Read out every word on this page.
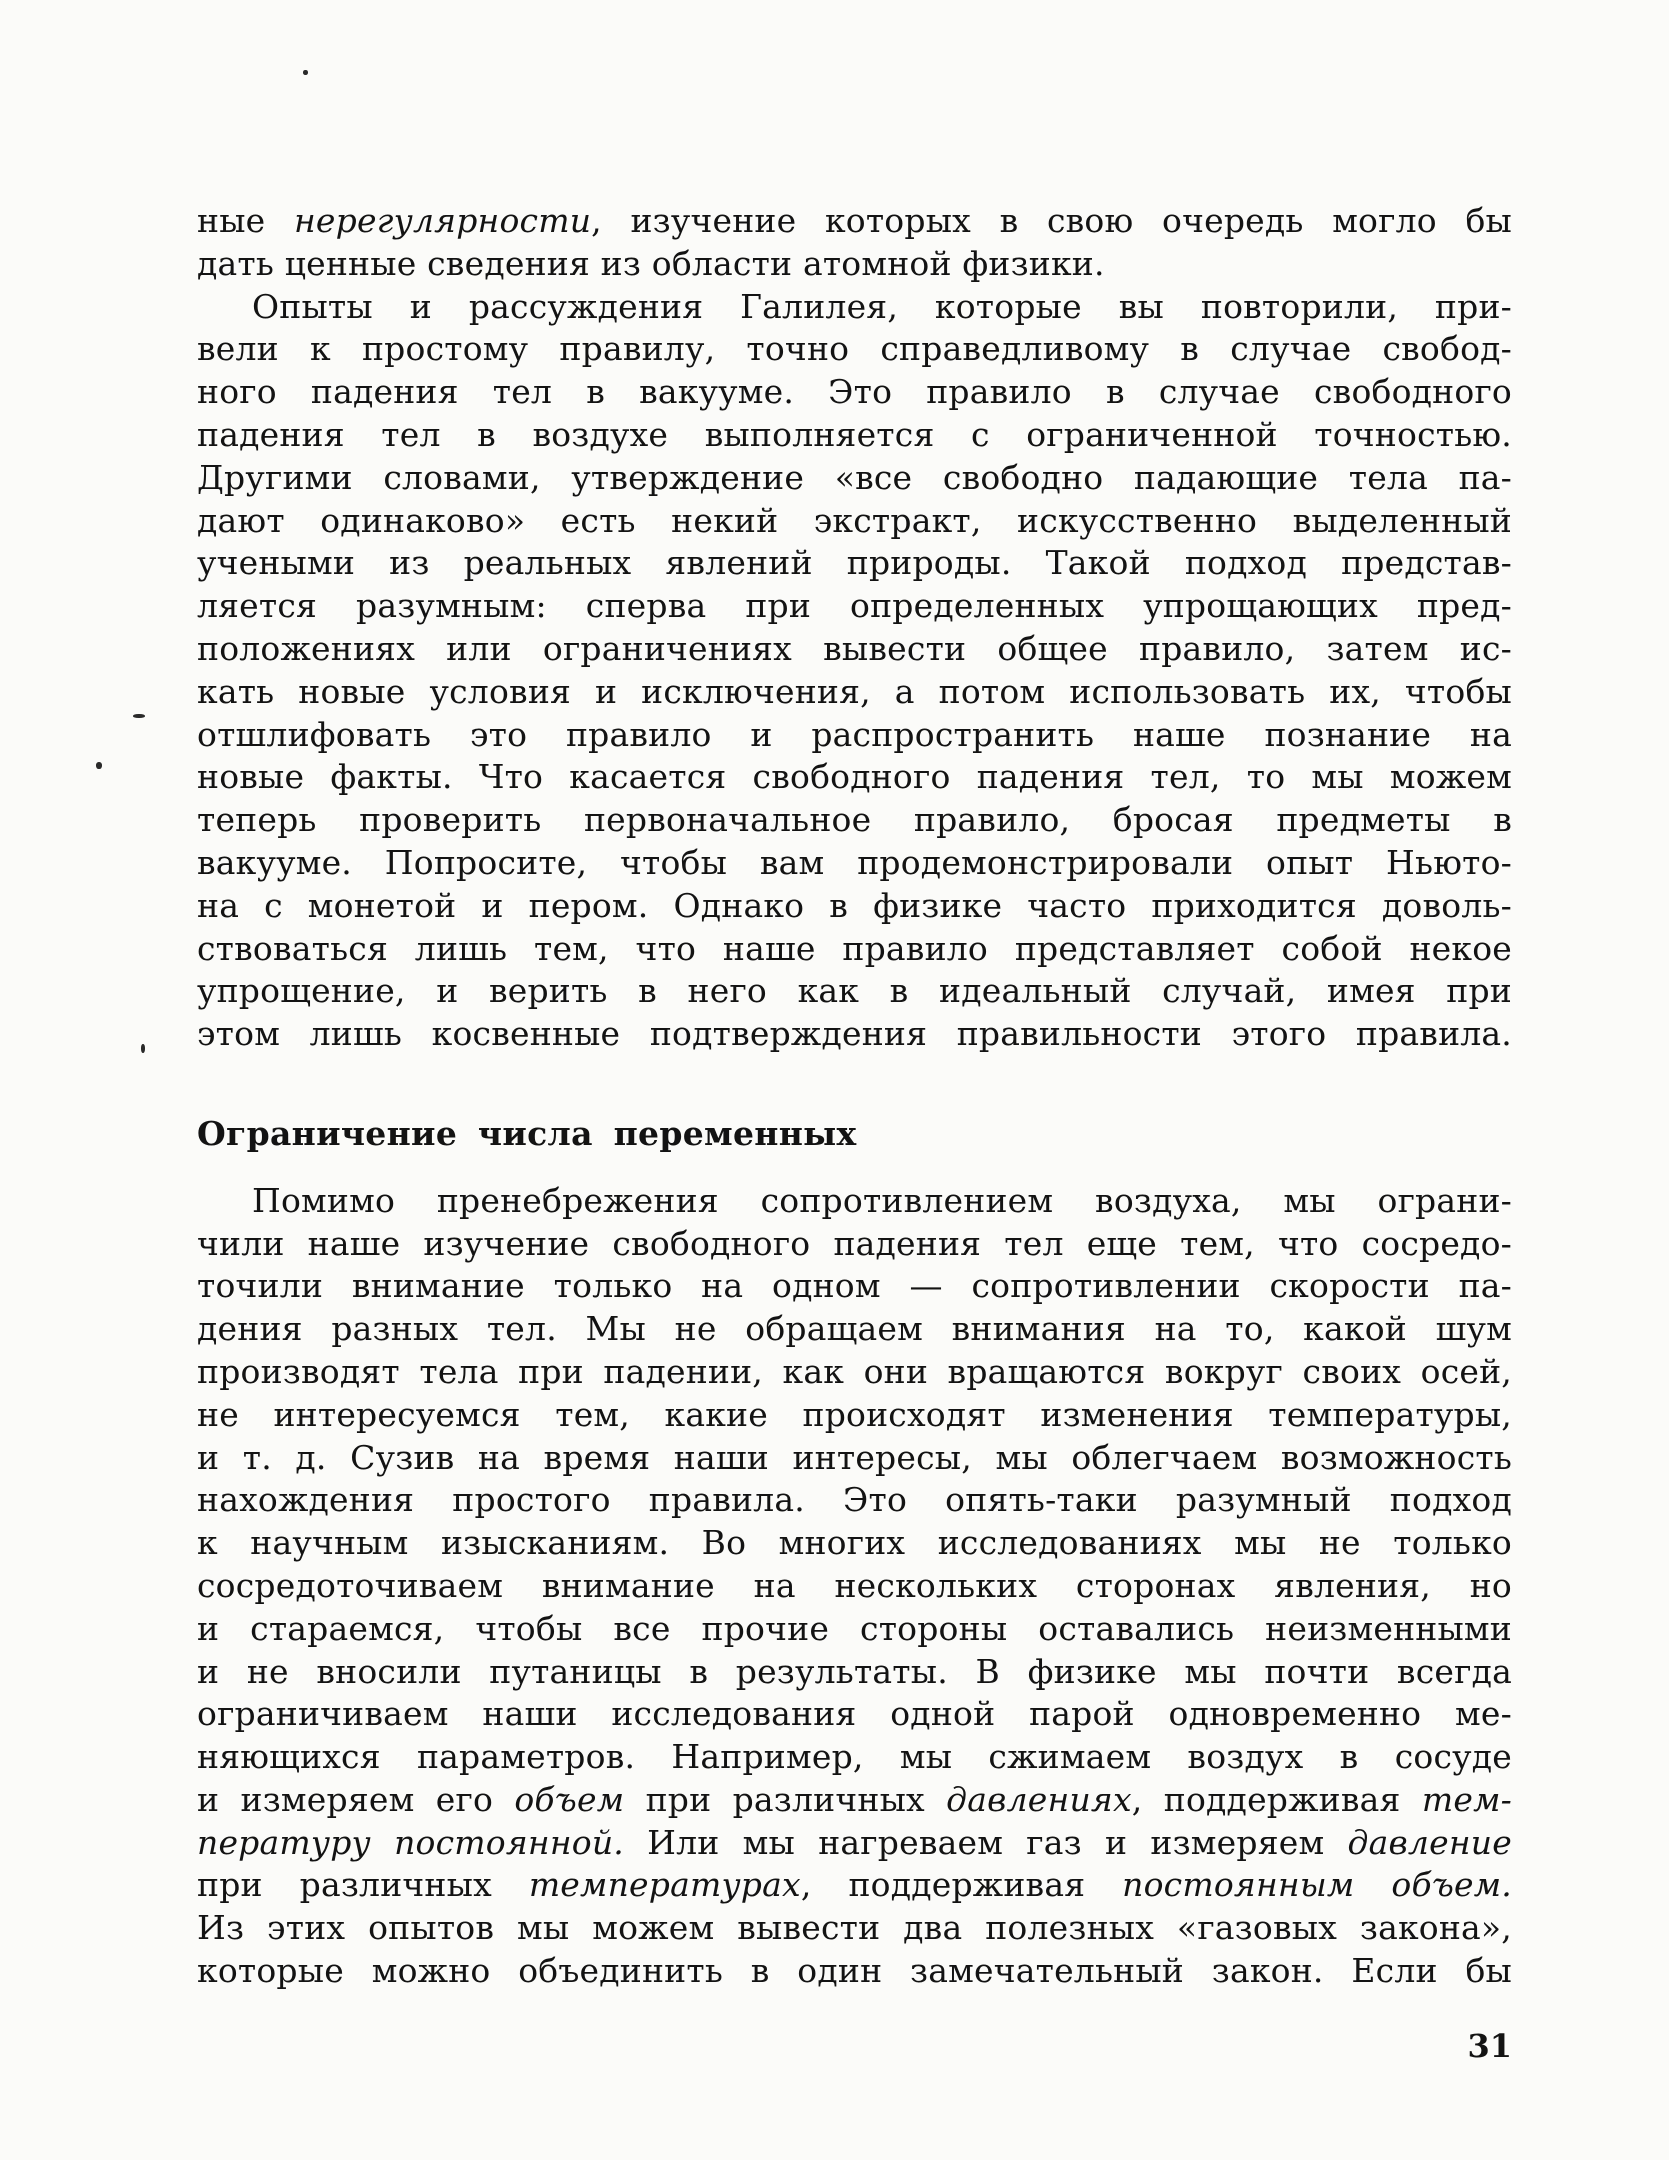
ные нерегулярности, изучение которых в свою очередь могло бы
дать ценные сведения из области атомной физики.
Опыты и рассуждения Галилея, которые вы повторили, при-
вели к простому правилу, точно справедливому в случае свобод-
ного падения тел в вакууме. Это правило в случае свободного
падения тел в воздухе выполняется с ограниченной точностью.
Другими словами, утверждение «все свободно падающие тела па-
дают одинаково» есть некий экстракт, искусственно выделенный
учеными из реальных явлений природы. Такой подход представ-
ляется разумным: сперва при определенных упрощающих пред-
положениях или ограничениях вывести общее правило, затем ис-
кать новые условия и исключения, а потом использовать их, чтобы
отшлифовать это правило и распространить наше познание на
новые факты. Что касается свободного падения тел, то мы можем
теперь проверить первоначальное правило, бросая предметы в
вакууме. Попросите, чтобы вам продемонстрировали опыт Ньюто-
на с монетой и пером. Однако в физике часто приходится доволь-
ствоваться лишь тем, что наше правило представляет собой некое
упрощение, и верить в него как в идеальный случай, имея при
этом лишь косвенные подтверждения правильности этого правила.
Ограничение числа переменных
Помимо пренебрежения сопротивлением воздуха, мы ограни-
чили наше изучение свободного падения тел еще тем, что сосредо-
точили внимание только на одном — сопротивлении скорости па-
дения разных тел. Мы не обращаем внимания на то, какой шум
производят тела при падении, как они вращаются вокруг своих осей,
не интересуемся тем, какие происходят изменения температуры,
и т. д. Сузив на время наши интересы, мы облегчаем возможность
нахождения простого правила. Это опять-таки разумный подход
к научным изысканиям. Во многих исследованиях мы не только
сосредоточиваем внимание на нескольких сторонах явления, но
и стараемся, чтобы все прочие стороны оставались неизменными
и не вносили путаницы в результаты. В физике мы почти всегда
ограничиваем наши исследования одной парой одновременно ме-
няющихся параметров. Например, мы сжимаем воздух в сосуде
и измеряем его объем при различных давлениях, поддерживая тем-
пературу постоянной. Или мы нагреваем газ и измеряем давление
при различных температурах, поддерживая постоянным объем.
Из этих опытов мы можем вывести два полезных «газовых закона»,
которые можно объединить в один замечательный закон. Если бы
31
